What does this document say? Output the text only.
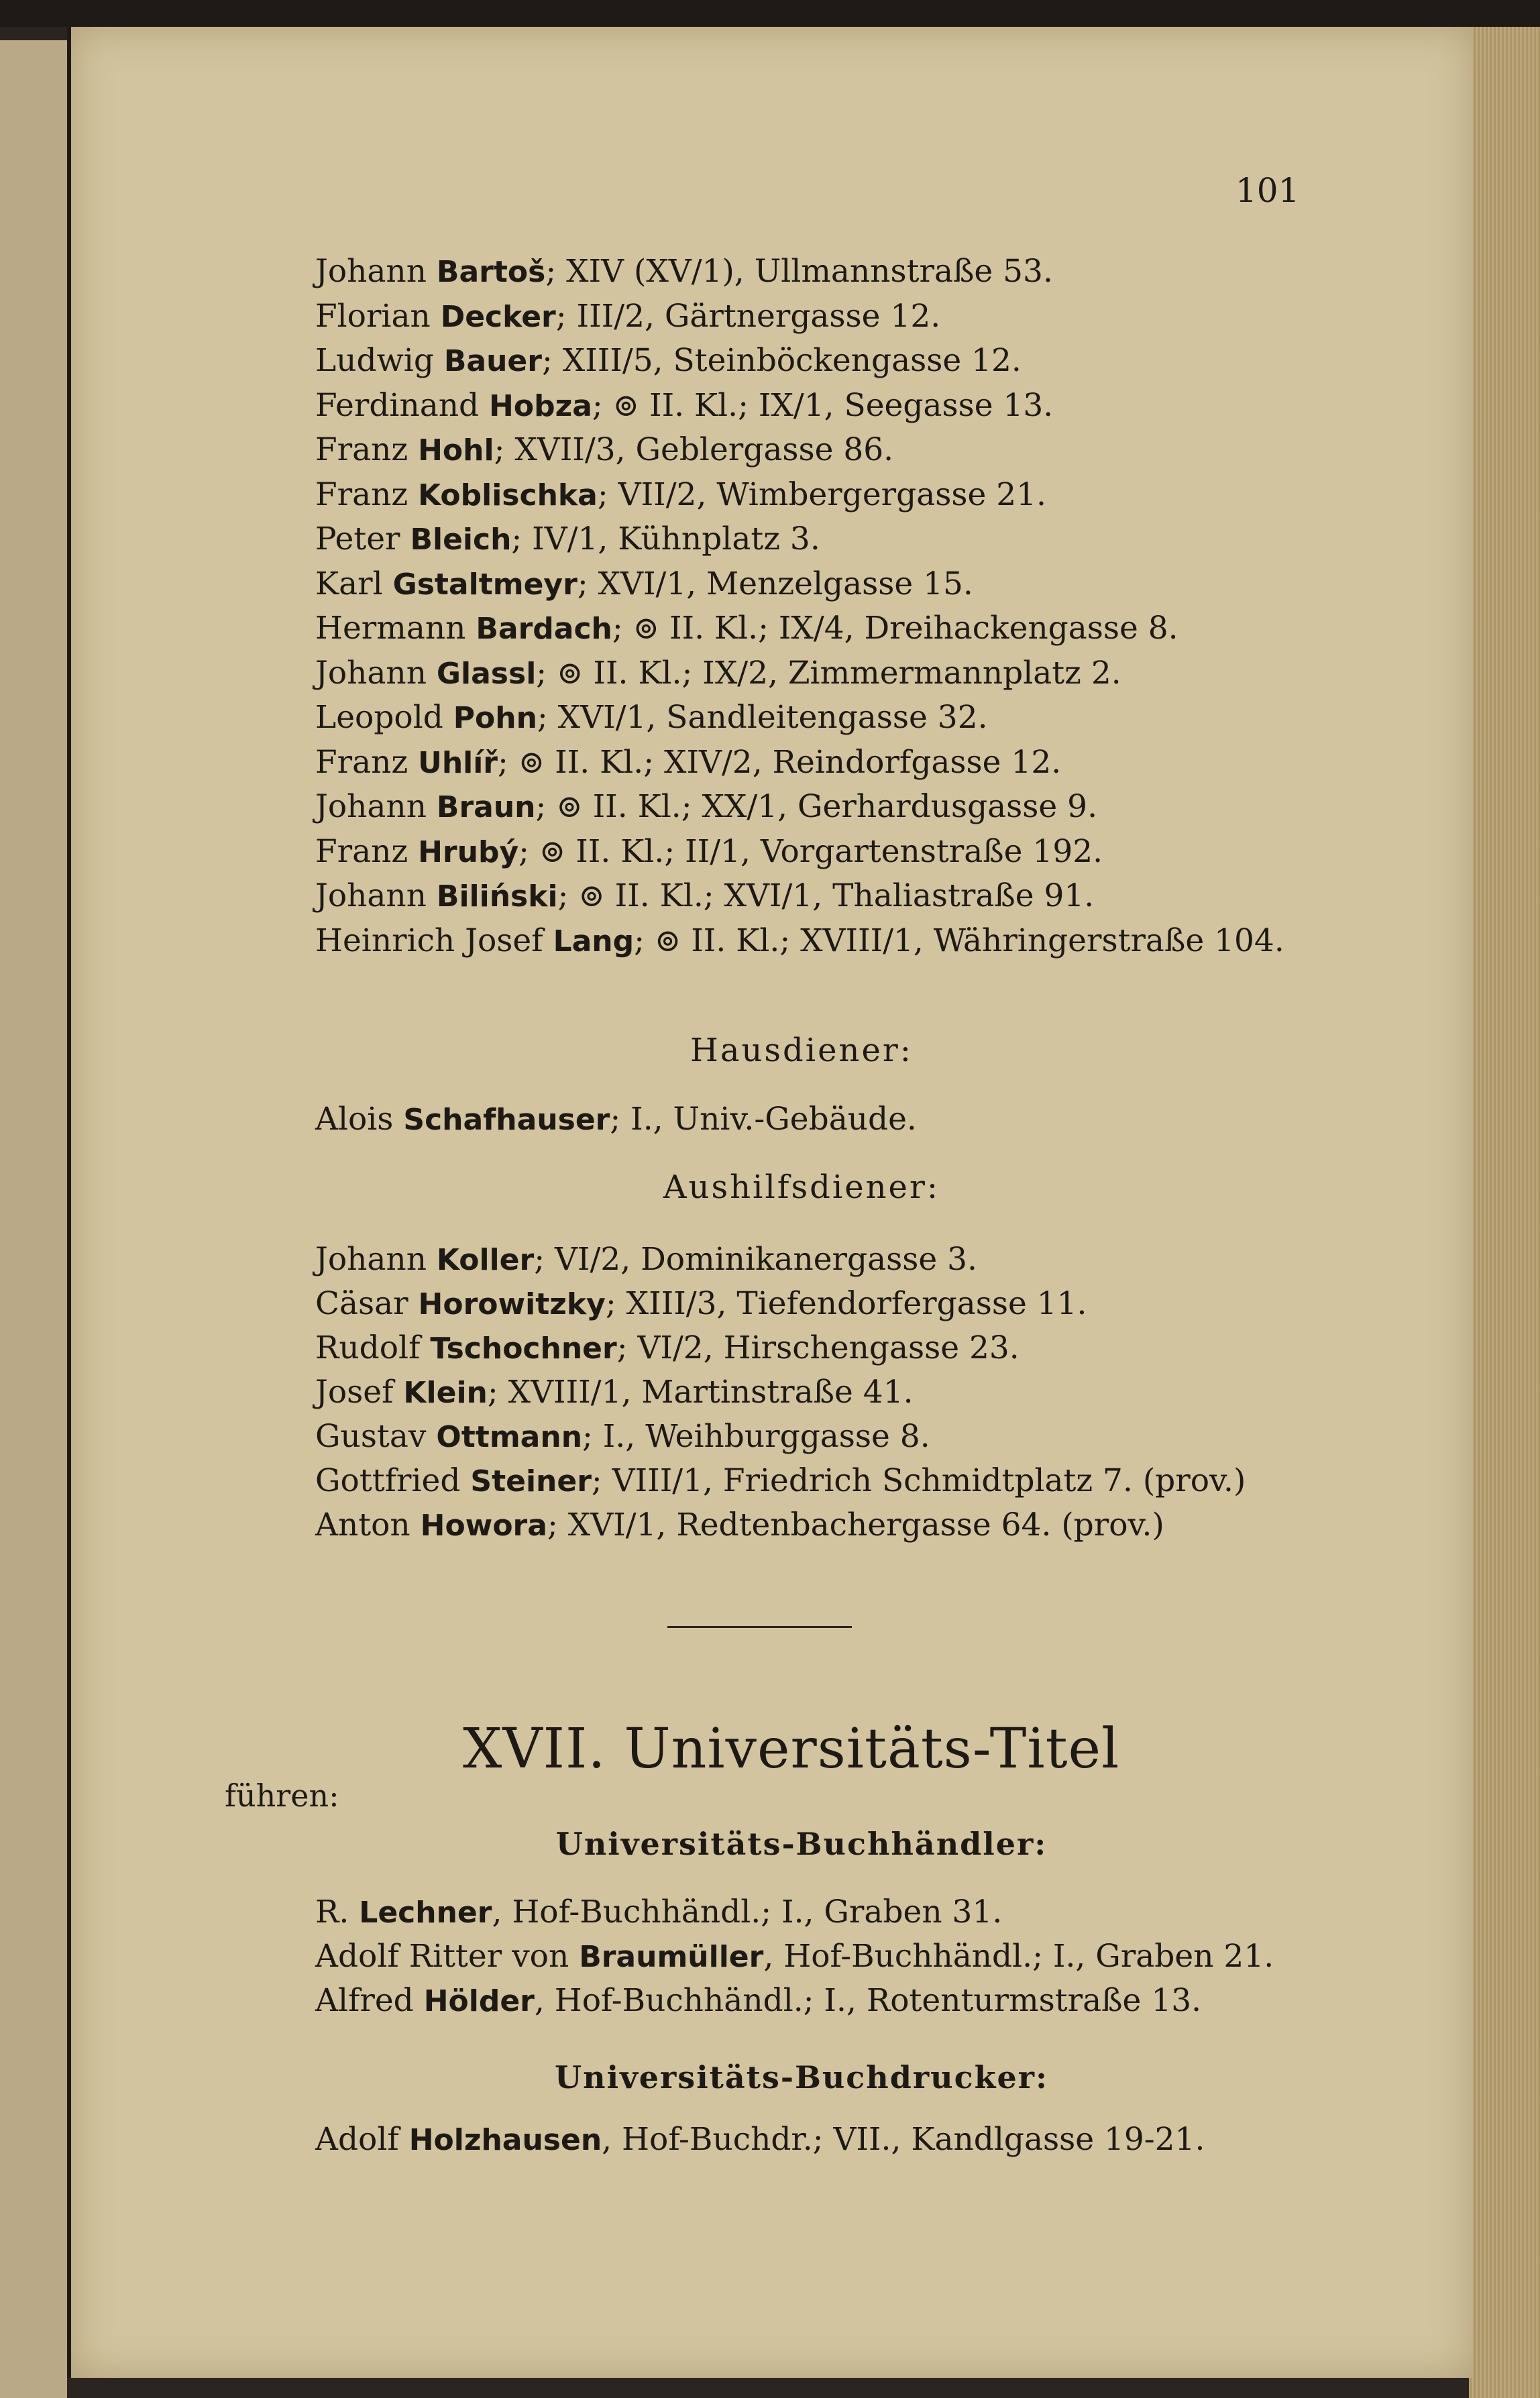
101
Johann Bartoš; XIV (XV/1), Ullmannstraße 53.
Florian Decker; III/2, Gärtnergasse 12.
Ludwig Bauer; XIII/5, Steinböckengasse 12.
Ferdinand Hobza; ⊚ II. Kl.; IX/1, Seegasse 13.
Franz Hohl; XVII/3, Geblergasse 86.
Franz Koblischka; VII/2, Wimbergergasse 21.
Peter Bleich; IV/1, Kühnplatz 3.
Karl Gstaltmeyr; XVI/1, Menzelgasse 15.
Hermann Bardach; ⊚ II. Kl.; IX/4, Dreihackengasse 8.
Johann Glassl; ⊚ II. Kl.; IX/2, Zimmermannplatz 2.
Leopold Pohn; XVI/1, Sandleitengasse 32.
Franz Uhlíř; ⊚ II. Kl.; XIV/2, Reindorfgasse 12.
Johann Braun; ⊚ II. Kl.; XX/1, Gerhardusgasse 9.
Franz Hrubý; ⊚ II. Kl.; II/1, Vorgartenstraße 192.
Johann Biliński; ⊚ II. Kl.; XVI/1, Thaliastraße 91.
Heinrich Josef Lang; ⊚ II. Kl.; XVIII/1, Währingerstraße 104.
Hausdiener:
Alois Schafhauser; I., Univ.-Gebäude.
Aushilfsdiener:
Johann Koller; VI/2, Dominikanergasse 3.
Cäsar Horowitzky; XIII/3, Tiefendorfergasse 11.
Rudolf Tschochner; VI/2, Hirschengasse 23.
Josef Klein; XVIII/1, Martinstraße 41.
Gustav Ottmann; I., Weihburggasse 8.
Gottfried Steiner; VIII/1, Friedrich Schmidtplatz 7. (prov.)
Anton Howora; XVI/1, Redtenbachergasse 64. (prov.)
XVII. Universitäts-Titel
führen:
Universitäts-Buchhändler:
R. Lechner, Hof-Buchhändl.; I., Graben 31.
Adolf Ritter von Braumüller, Hof-Buchhändl.; I., Graben 21.
Alfred Hölder, Hof-Buchhändl.; I., Rotenturmstraße 13.
Universitäts-Buchdrucker:
Adolf Holzhausen, Hof-Buchdr.; VII., Kandlgasse 19-21.
